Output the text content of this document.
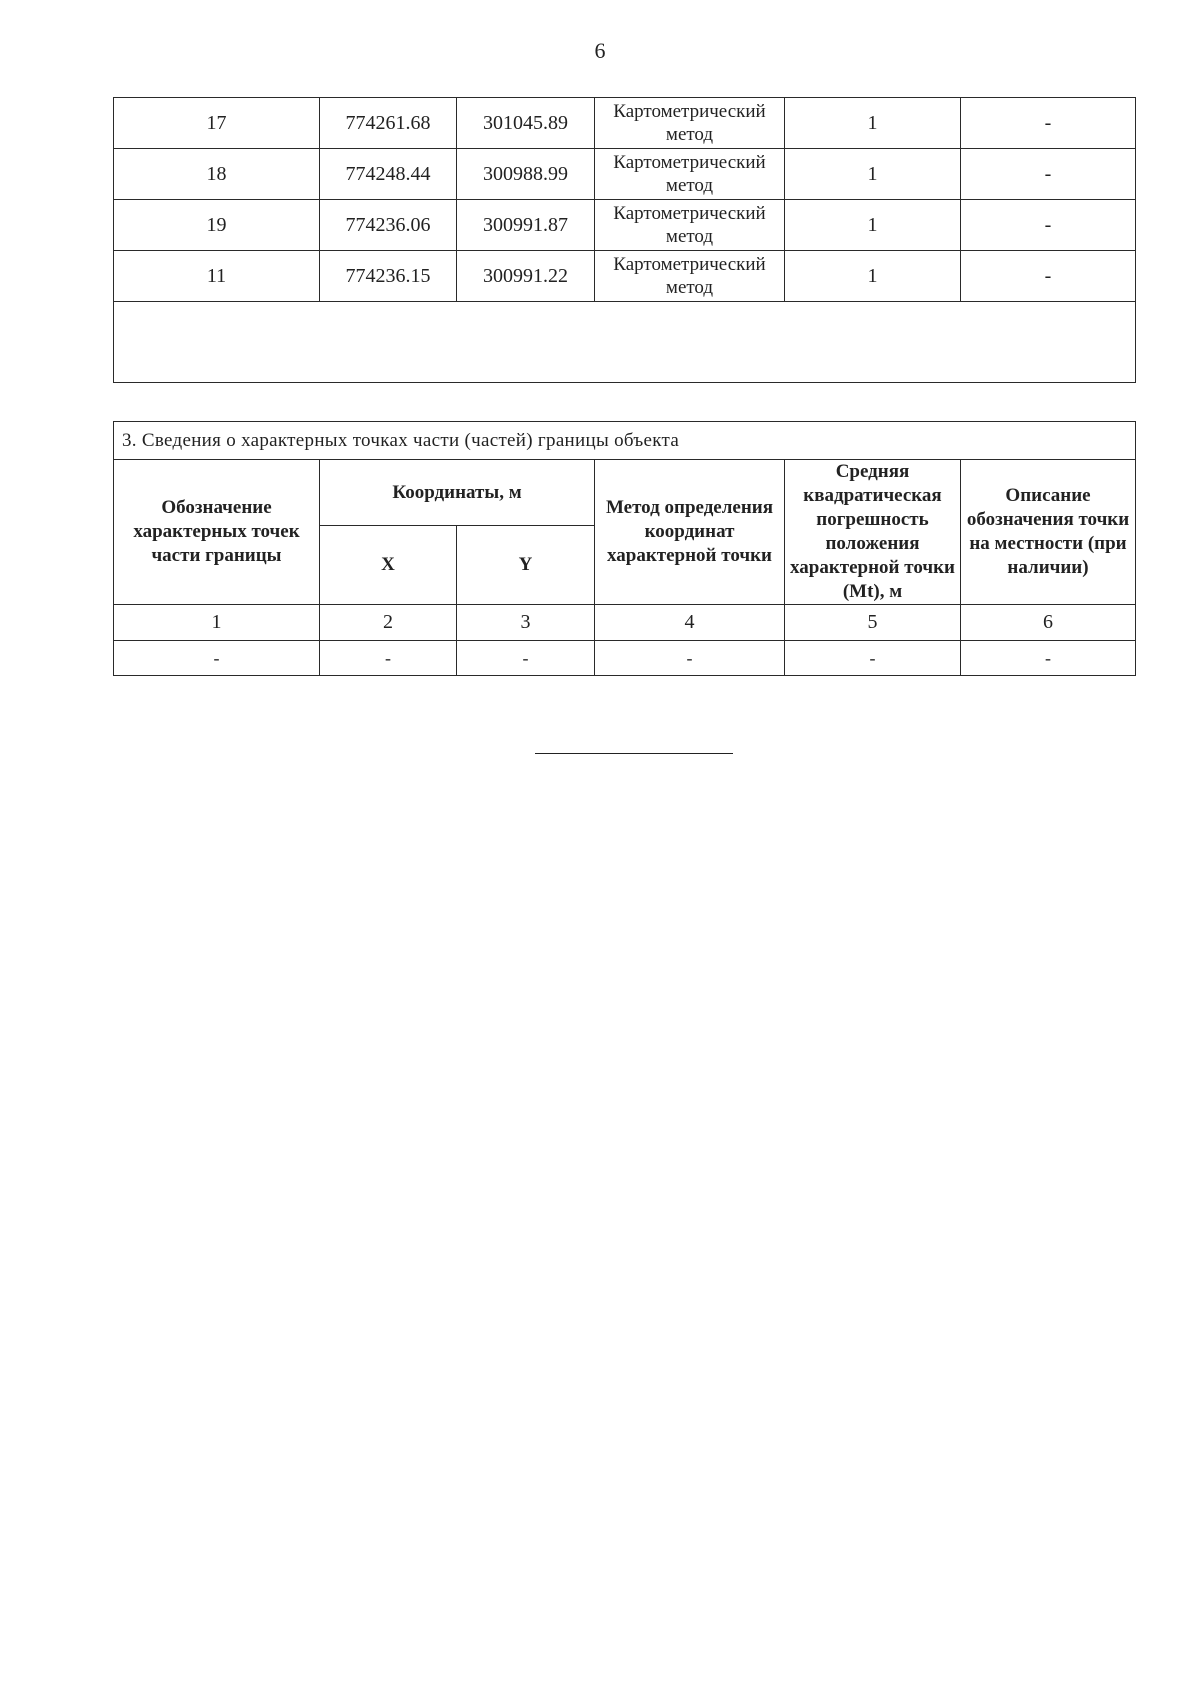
6
17	774261.68	301045.89	Картометрический метод	1	-
18	774248.44	300988.99	Картометрический метод	1	-
19	774236.06	300991.87	Картометрический метод	1	-
11	774236.15	300991.22	Картометрический метод	1	-

3. Сведения о характерных точках части (частей) границы объекта					
Обозначение характерных точек части границы	Координаты, м		Метод определения координат характерной точки	Средняя квадратическая погрешность положения характерной точки (Mt), м	Описание обозначения точки на местности (при наличии)
	X	Y			
1	2	3	4	5	6
-	-	-	-	-	-
